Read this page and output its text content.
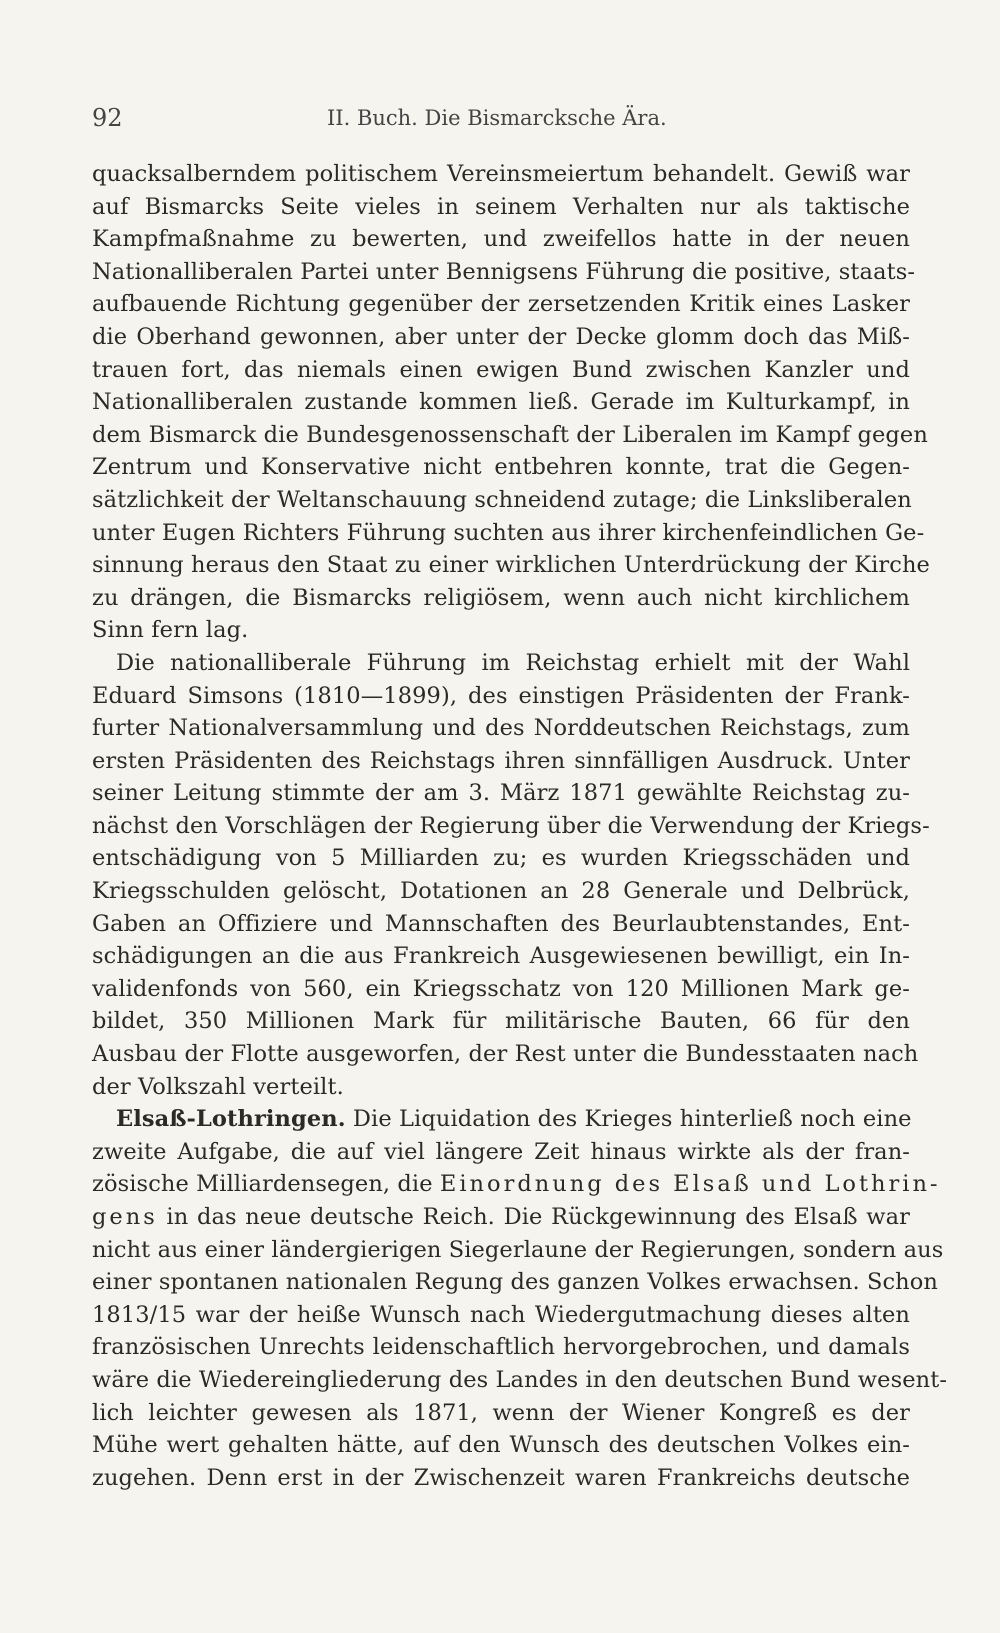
92	II. Buch. Die Bismarcksche Ära.
quacksalberndem politischem Vereinsmeiertum behandelt. Gewiß war
auf Bismarcks Seite vieles in seinem Verhalten nur als taktische
Kampfmaßnahme zu bewerten, und zweifellos hatte in der neuen
Nationalliberalen Partei unter Bennigsens Führung die positive, staats-
aufbauende Richtung gegenüber der zersetzenden Kritik eines Lasker
die Oberhand gewonnen, aber unter der Decke glomm doch das Miß-
trauen fort, das niemals einen ewigen Bund zwischen Kanzler und
Nationalliberalen zustande kommen ließ. Gerade im Kulturkampf, in
dem Bismarck die Bundesgenossenschaft der Liberalen im Kampf gegen
Zentrum und Konservative nicht entbehren konnte, trat die Gegen-
sätzlichkeit der Weltanschauung schneidend zutage; die Linksliberalen
unter Eugen Richters Führung suchten aus ihrer kirchenfeindlichen Ge-
sinnung heraus den Staat zu einer wirklichen Unterdrückung der Kirche
zu drängen, die Bismarcks religiösem, wenn auch nicht kirchlichem
Sinn fern lag.
Die nationalliberale Führung im Reichstag erhielt mit der Wahl
Eduard Simsons (1810—1899), des einstigen Präsidenten der Frank-
furter Nationalversammlung und des Norddeutschen Reichstags, zum
ersten Präsidenten des Reichstags ihren sinnfälligen Ausdruck. Unter
seiner Leitung stimmte der am 3. März 1871 gewählte Reichstag zu-
nächst den Vorschlägen der Regierung über die Verwendung der Kriegs-
entschädigung von 5 Milliarden zu; es wurden Kriegsschäden und
Kriegsschulden gelöscht, Dotationen an 28 Generale und Delbrück,
Gaben an Offiziere und Mannschaften des Beurlaubtenstandes, Ent-
schädigungen an die aus Frankreich Ausgewiesenen bewilligt, ein In-
validenfonds von 560, ein Kriegsschatz von 120 Millionen Mark ge-
bildet, 350 Millionen Mark für militärische Bauten, 66 für den
Ausbau der Flotte ausgeworfen, der Rest unter die Bundesstaaten nach
der Volkszahl verteilt.
Elsaß-Lothringen. Die Liquidation des Krieges hinterließ noch eine
zweite Aufgabe, die auf viel längere Zeit hinaus wirkte als der fran-
zösische Milliardensegen, die Einordnung des Elsaß und Lothrin-
gens in das neue deutsche Reich. Die Rückgewinnung des Elsaß war
nicht aus einer ländergierigen Siegerlaune der Regierungen, sondern aus
einer spontanen nationalen Regung des ganzen Volkes erwachsen. Schon
1813/15 war der heiße Wunsch nach Wiedergutmachung dieses alten
französischen Unrechts leidenschaftlich hervorgebrochen, und damals
wäre die Wiedereingliederung des Landes in den deutschen Bund wesent-
lich leichter gewesen als 1871, wenn der Wiener Kongreß es der
Mühe wert gehalten hätte, auf den Wunsch des deutschen Volkes ein-
zugehen. Denn erst in der Zwischenzeit waren Frankreichs deutsche
